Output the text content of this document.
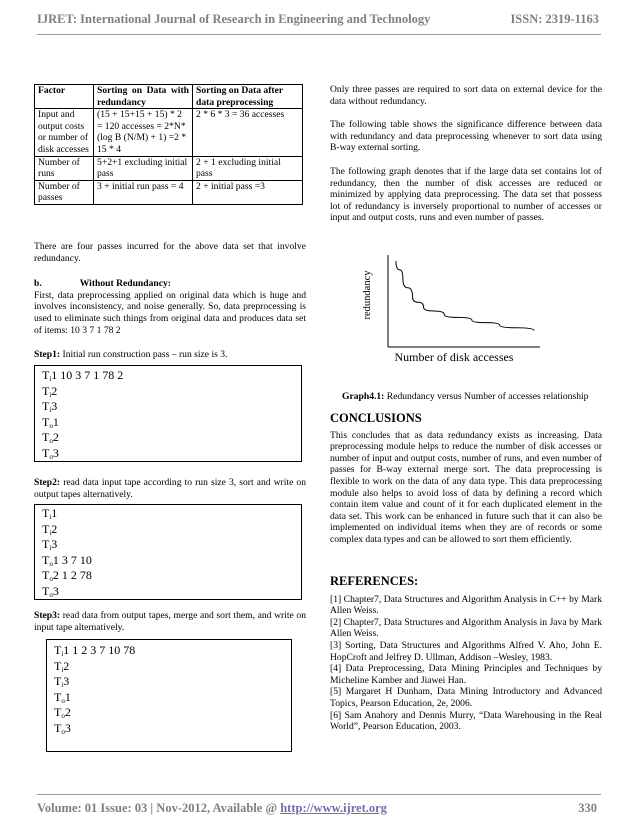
IJRET: International Journal of Research in Engineering and Technology	ISSN: 2319-1163
Factor	Sorting on Data with redundancy	Sorting on Data after data preprocessing
Input and output costs or number of disk accesses	(15 + 15+15 + 15) * 2 = 120 accesses = 2*N* (log B (N/M) + 1) =2 * 15 * 4	2 * 6 * 3 = 36 accesses
Number of runs	5+2+1 excluding initial pass	2 + 1 excluding initial pass
Number of passes	3 + initial run pass = 4	2 + initial pass =3

There are four passes incurred for the above data set that involve redundancy.

b.	Without Redundancy:

First, data preprocessing applied on original data which is huge and involves inconsistency, and noise generally. So, data preprocessing is used to eliminate such things from original data and produces data set of items: 10 3 7 1 78 2

Step1: Initial run construction pass – run size is 3.

$T_i1$ 10 3 7 1 78 2
$T_i2$
$T_i3$
$T_o1$
$T_o2$
$T_o3$

Step2: read data input tape according to run size 3, sort and write on output tapes alternatively.

$T_i1$
$T_i2$
$T_i3$
$T_o1$ 3 7 10
$T_o2$ 1 2 78
$T_o3$

Step3: read data from output tapes, merge and sort them, and write on input tape alternatively.

$T_i1$ 1 2 3 7 10 78
$T_i2$
$T_i3$
$T_o1$
$T_o2$
$T_o3$

Only three passes are required to sort data on external device for the data without redundancy.

The following table shows the significance difference between data with redundancy and data preprocessing whenever to sort data using B-way external sorting.

The following graph denotes that if the large data set contains lot of redundancy, then the number of disk accesses are reduced or minimized by applying data preprocessing. The data set that possess lot of redundancy is inversely proportional to number of accesses or input and output costs, runs and even number of passes.

redundancy
Number of disk accesses

Graph4.1: Redundancy versus Number of accesses relationship

CONCLUSIONS

This concludes that as data redundancy exists as increasing. Data preprocessing module helps to reduce the number of disk accesses or number of input and output costs, number of runs, and even number of passes for B-way external merge sort. The data preprocessing is flexible to work on the data of any data type. This data preprocessing module also helps to avoid loss of data by defining a record which contain item value and count of it for each duplicated element in the data set. This work can be enhanced in future such that it can also be implemented on individual items when they are of records or some complex data types and can be allowed to sort them efficiently.

REFERENCES:

[1] Chapter7, Data Structures and Algorithm Analysis in C++ by Mark Allen Weiss.

[2] Chapter7, Data Structures and Algorithm Analysis in Java by Mark Allen Weiss.

[3] Sorting, Data Structures and Algorithms Alfred V. Aho, John E. HopCroft and Jelfrey D. Ullman, Addison –Wesley, 1983.

[4] Data Preprocessing, Data Mining Principles and Techniques by Micheline Kamber and Jiawei Han.

[5] Margaret H Dunham, Data Mining Introductory and Advanced Topics, Pearson Education, 2e, 2006.

[6] Sam Anahory and Dennis Murry, “Data Warehousing in the Real World”, Pearson Education, 2003.

Volume: 01 Issue: 03 | Nov-2012, Available @ http://www.ijret.org	330
